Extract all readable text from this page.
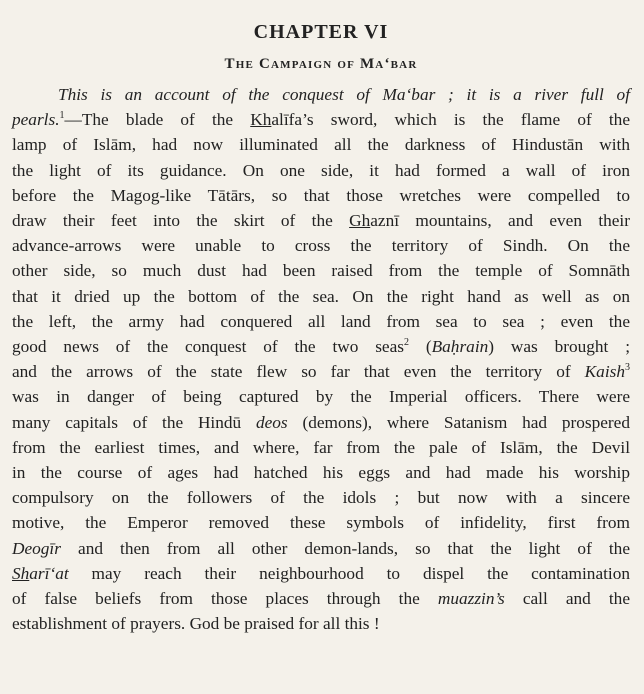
CHAPTER VI
The Campaign of Ma‘bar
This is an account of the conquest of Ma‘bar ; it is a river full of
pearls.$^1$—The blade of the Khalīfa’s sword, which is the flame of the
lamp of Islām, had now illuminated all the darkness of Hindustān with
the light of its guidance. On one side, it had formed a wall of iron
before the Magog-like Tātārs, so that those wretches were compelled to
draw their feet into the skirt of the Ghaznī mountains, and even their
advance-arrows were unable to cross the territory of Sindh. On the
other side, so much dust had been raised from the temple of Somnāth
that it dried up the bottom of the sea. On the right hand as well as on
the left, the army had conquered all land from sea to sea ; even the
good news of the conquest of the two seas$^2$ (Baḥrain) was brought ;
and the arrows of the state flew so far that even the territory of Kaish$^3$
was in danger of being captured by the Imperial officers. There were
many capitals of the Hindū deos (demons), where Satanism had prospered
from the earliest times, and where, far from the pale of Islām, the Devil
in the course of ages had hatched his eggs and had made his worship
compulsory on the followers of the idols ; but now with a sincere
motive, the Emperor removed these symbols of infidelity, first from
Deogīr and then from all other demon-lands, so that the light of the
Sharī‘at may reach their neighbourhood to dispel the contamination
of false beliefs from those places through the muazzin’s call and the
establishment of prayers. God be praised for all this !
